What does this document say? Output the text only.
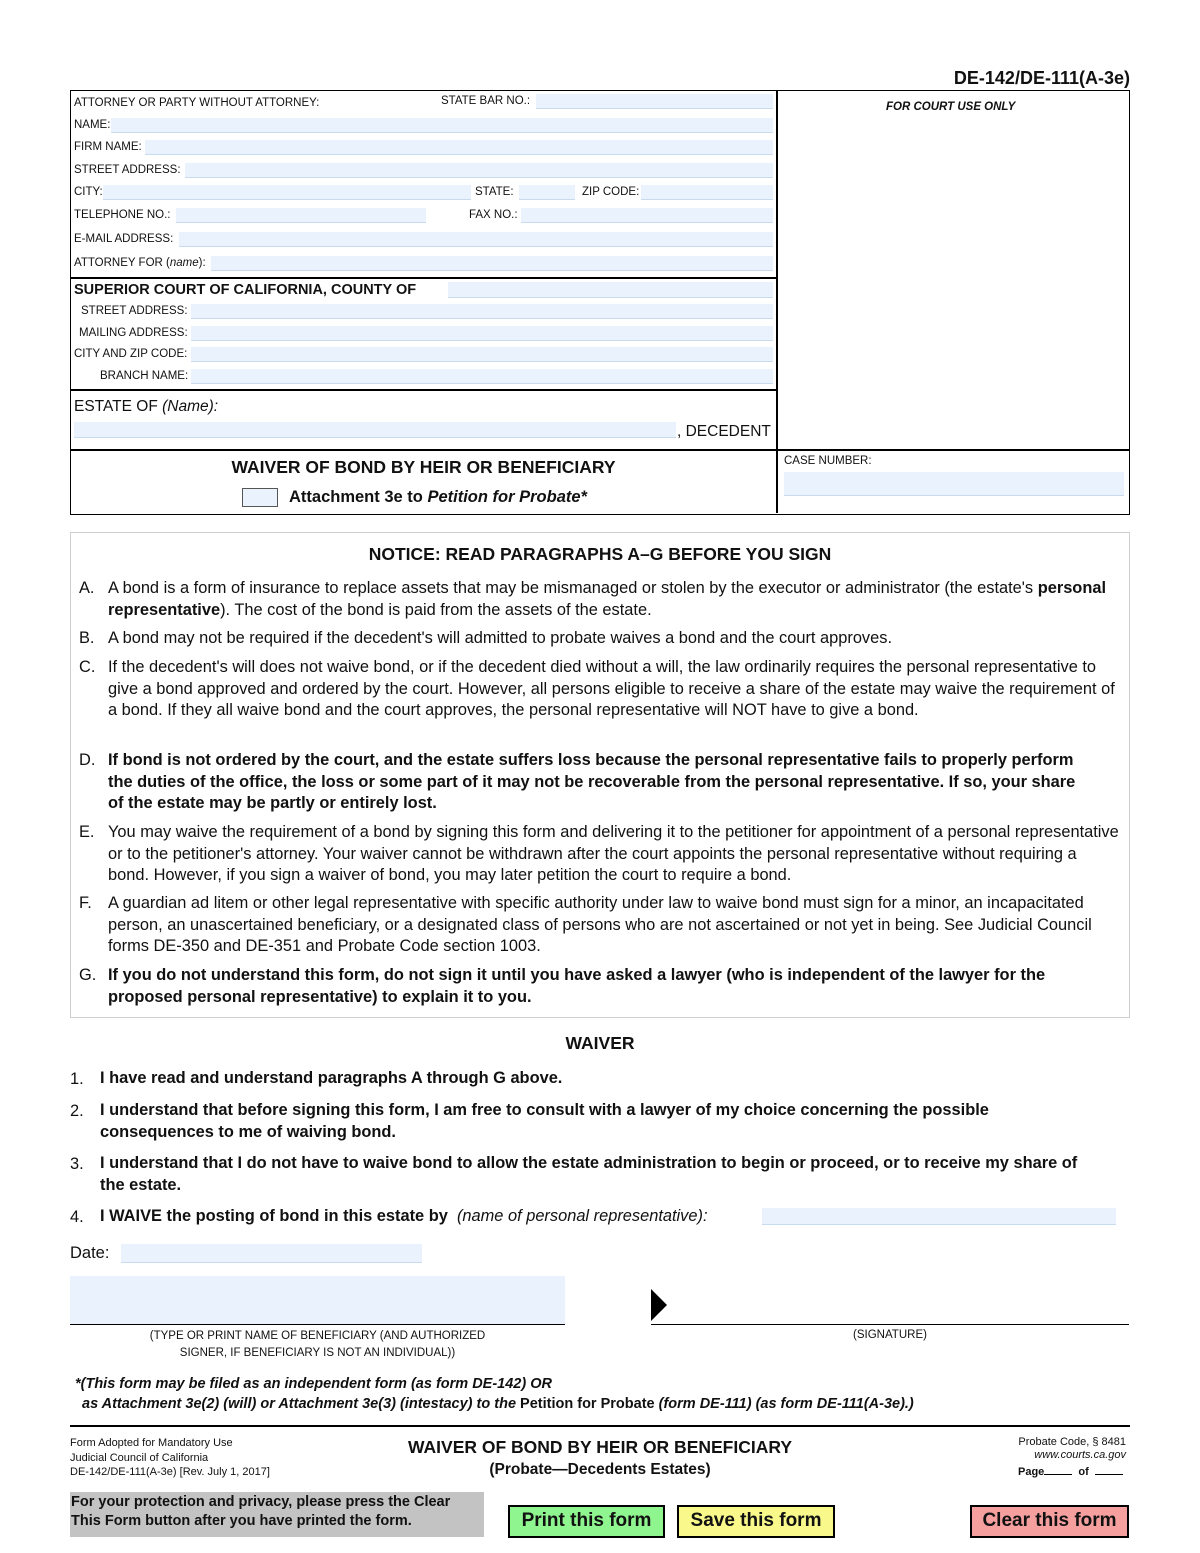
DE-142/DE-111(A-3e)
ATTORNEY OR PARTY WITHOUT ATTORNEY:	STATE BAR NO.:
NAME:
FIRM NAME:
STREET ADDRESS:
CITY:	STATE:	ZIP CODE:
TELEPHONE NO.:	FAX NO.:
E-MAIL ADDRESS:
ATTORNEY FOR (name):
SUPERIOR COURT OF CALIFORNIA, COUNTY OF
STREET ADDRESS:
MAILING ADDRESS:
CITY AND ZIP CODE:
BRANCH NAME:
ESTATE OF (Name):
, DECEDENT
FOR COURT USE ONLY
WAIVER OF BOND BY HEIR OR BENEFICIARY
Attachment 3e to Petition for Probate*
CASE NUMBER:
NOTICE: READ PARAGRAPHS A–G BEFORE YOU SIGN
A. A bond is a form of insurance to replace assets that may be mismanaged or stolen by the executor or administrator (the estate's personal representative). The cost of the bond is paid from the assets of the estate.
B. A bond may not be required if the decedent's will admitted to probate waives a bond and the court approves.
C. If the decedent's will does not waive bond, or if the decedent died without a will, the law ordinarily requires the personal representative to give a bond approved and ordered by the court. However, all persons eligible to receive a share of the estate may waive the requirement of a bond. If they all waive bond and the court approves, the personal representative will NOT have to give a bond.
D. If bond is not ordered by the court, and the estate suffers loss because the personal representative fails to properly perform the duties of the office, the loss or some part of it may not be recoverable from the personal representative. If so, your share of the estate may be partly or entirely lost.
E. You may waive the requirement of a bond by signing this form and delivering it to the petitioner for appointment of a personal representative or to the petitioner's attorney. Your waiver cannot be withdrawn after the court appoints the personal representative without requiring a bond. However, if you sign a waiver of bond, you may later petition the court to require a bond.
F. A guardian ad litem or other legal representative with specific authority under law to waive bond must sign for a minor, an incapacitated person, an unascertained beneficiary, or a designated class of persons who are not ascertained or not yet in being. See Judicial Council forms DE-350 and DE-351 and Probate Code section 1003.
G. If you do not understand this form, do not sign it until you have asked a lawyer (who is independent of the lawyer for the proposed personal representative) to explain it to you.
WAIVER
1. I have read and understand paragraphs A through G above.
2. I understand that before signing this form, I am free to consult with a lawyer of my choice concerning the possible consequences to me of waiving bond.
3. I understand that I do not have to waive bond to allow the estate administration to begin or proceed, or to receive my share of the estate.
4. I WAIVE the posting of bond in this estate by (name of personal representative):
Date:
(TYPE OR PRINT NAME OF BENEFICIARY (AND AUTHORIZED
SIGNER, IF BENEFICIARY IS NOT AN INDIVIDUAL))
(SIGNATURE)
*(This form may be filed as an independent form (as form DE-142) OR
as Attachment 3e(2) (will) or Attachment 3e(3) (intestacy) to the Petition for Probate (form DE-111) (as form DE-111(A-3e).)
Form Adopted for Mandatory Use
Judicial Council of California
DE-142/DE-111(A-3e) [Rev. July 1, 2017]
WAIVER OF BOND BY HEIR OR BENEFICIARY
(Probate—Decedents Estates)
Probate Code, § 8481
www.courts.ca.gov
Page	of
For your protection and privacy, please press the Clear
This Form button after you have printed the form.	Print this form	Save this form	Clear this form
